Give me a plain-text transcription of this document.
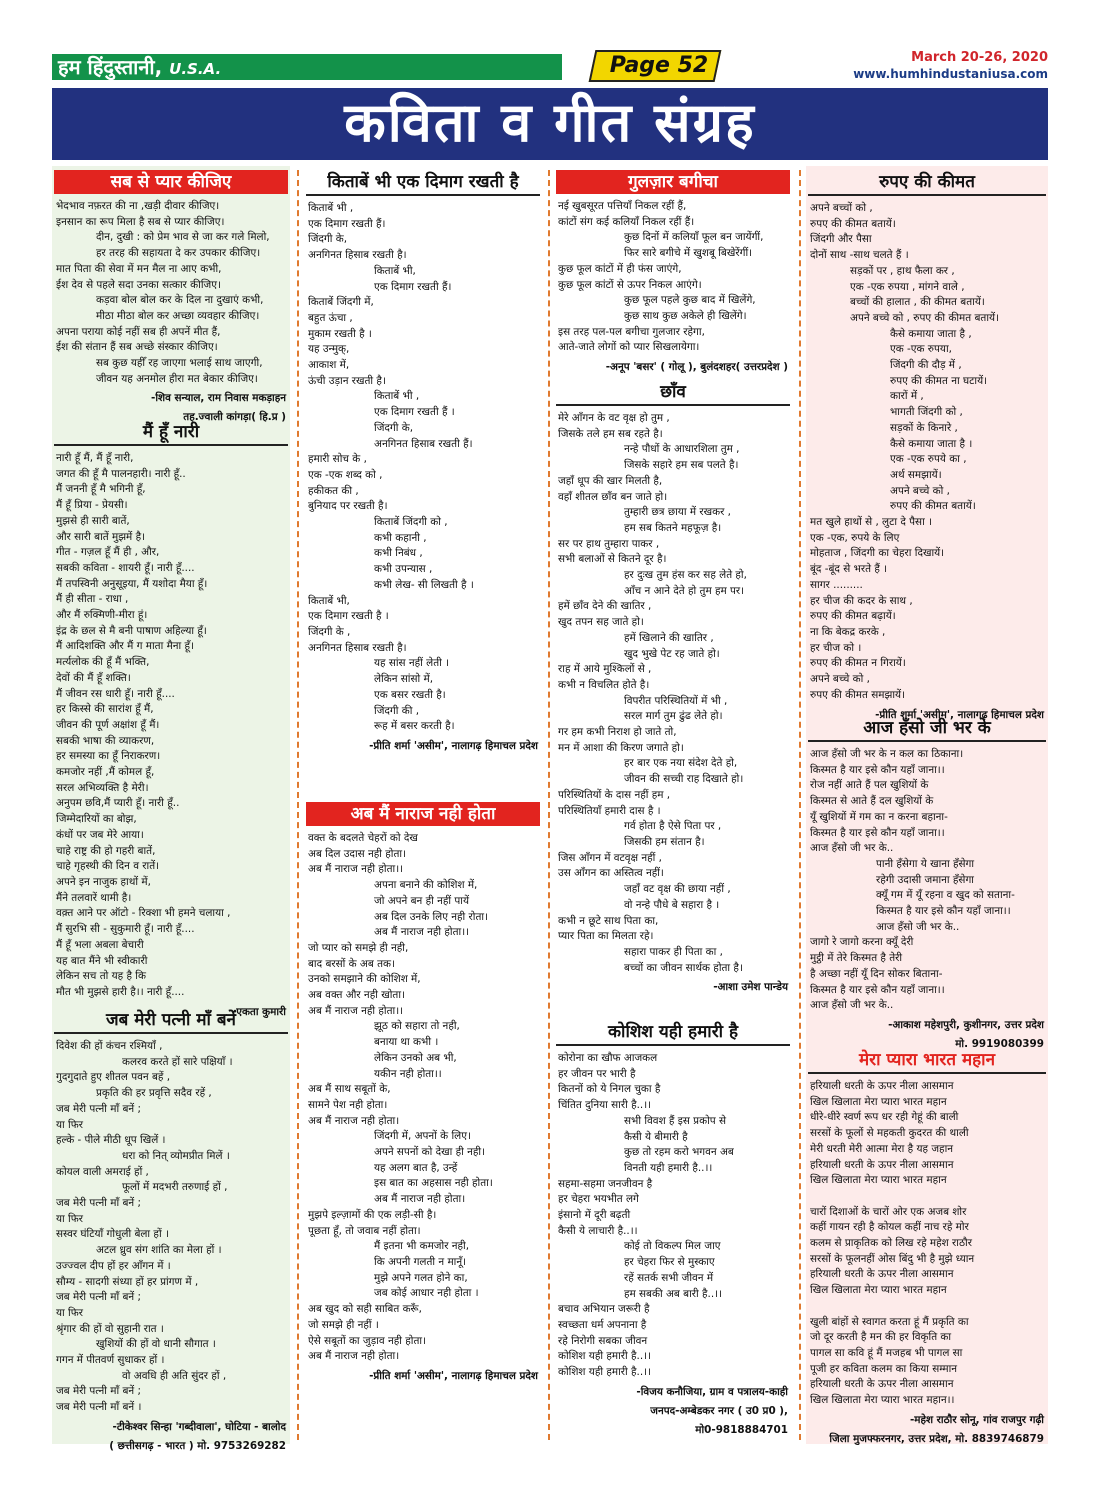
हम हिंदुस्तानी, U.S.A.	Page 52	March 20-26, 2020
www.humhindustaniusa.com
कविता व गीत संग्रह
सब से प्यार कीजिए
भेदभाव नफ़रत की ना ,खड़ी दीवार कीजिए।
इनसान का रूप मिला है सब से प्यार कीजिए।
दीन, दुखी : को प्रेम भाव से जा कर गले मिलो,
हर तरह की सहायता दे कर उपकार कीजिए।
मात पिता की सेवा में मन मैल ना आए कभी,
ईश देव से पहले सदा उनका सत्कार कीजिए।
कड़वा बोल बोल कर के दिल ना दुखाएं कभी,
मीठा मीठा बोल कर अच्छा व्यवहार कीजिए।
अपना पराया कोई नहीं सब ही अपनें मीत हैं,
ईश की संतान हैं सब अच्छे संस्कार कीजिए।
सब कुछ यहीँ रह जाएगा भलाई साथ जाएगी,
जीवन यह अनमोल हीरा मत बेकार कीजिए।
-शिव सन्याल, राम निवास मकड़ाहन
तह.ज्वाली कांगड़ा( हि.प्र )
मैं हूँ नारी
नारी हूँ मैं, मैं हूँ नारी,
जगत की हूँ मै पालनहारी। नारी हूँ..
मैं जननी हूँ मै भगिनी हूँ,
मैं हूँ प्रिया - प्रेयसी।
मुझसे ही सारी बातें,
और सारी बातें मुझमें है।
गीत - गज़ल हूँ मैं ही , और,
सबकी कविता - शायरी हूँ। नारी हूँ....
मैं तपस्विनी अनुसूइया, मैं यशोदा मैया हूँ।
मैं ही सीता - राधा ,
और मैं रुक्मिणी-मीरा हूं।
इंद्र के छल से मै बनी पाषाण अहिल्या हूँ।
मैं आदिशक्ति और मैं ग माता मैना हूँ।
मर्त्यलोक की हूँ मैं भक्ति,
देवों की मैं हूँ शक्ति।
मैं जीवन रस धारी हूँ। नारी हूँ....
हर किस्से की सारांश हूँ मैं,
जीवन की पूर्ण अक्षांश हूँ मैं।
सबकी भाषा की व्याकरण,
हर समस्या का हूँ निराकरण।
कमजोर नहीं ,मैं कोमल हूँ,
सरल अभिव्यक्ति है मेरी।
अनुपम छवि,मैं प्यारी हूँ। नारी हूँ..
जिम्मेदारियों का बोझ,
कंधों पर जब मेरे आया।
चाहे राष्ट्र की हो गहरी बातें,
चाहे गृहस्थी की दिन व रातें।
अपने इन नाजुक हाथों में,
मैंने तलवारें थामी है।
वक़्त आने पर ऑटो - रिक्शा भी हमने चलाया ,
मैं सुरभि सी - सुकुमारी हूँ। नारी हूँ....
मैं हूँ भला अबला बेचारी
यह बात मैंने भी स्वीकारी
लेकिन सच तो यह है कि
मौत भी मुझसे हारी है।। नारी हूँ....
-एकता कुमारी
जब मेरी पत्नी माँ बनें
दिवेश की हों कंचन रश्मियाँ ,
कलरव करते हों सारे पक्षियाँ ।
गुदगुदाते हुए शीतल पवन बहें ,
प्रकृति की हर प्रवृत्ति सदैव रहें ,
जब मेरी पत्नी माँ बनें ;
या फिर
हल्के - पीले मीठी धूप खिलें ।
धरा को नित् व्योमप्रीत मिलें ।
कोयल वाली अमराई हों ,
फूलों में मदभरी तरुणाई हों ,
जब मेरी पत्नी माँ बनें ;
या फिर
सस्वर घंटियाँ गोधुली बेला हों ।
अटल ध्रुव संग शांति का मेला हों ।
उज्ज्वल दीप हों हर आँगन में ।
सौम्य - सादगी संध्या हों हर प्रांगण में ,
जब मेरी पत्नी माँ बनें ;
या फिर
श्रृंगार की हों वो सुहानी रात ।
खुशियों की हों वो धानी सौगात ।
गगन में पीतवर्ण सुधाकर हों ।
वो अवधि ही अति सुंदर हों ,
जब मेरी पत्नी माँ बनें ;
जब मेरी पत्नी माँ बनें ।
-टीकेश्वर सिन्हा 'गब्दीवाला', घोटिया - बालोद
( छत्तीसगढ़ - भारत ) मो. 9753269282
किताबें भी एक दिमाग रखती है
किताबें भी ,
एक दिमाग रखती हैं।
जिंदगी के,
अनगिनत हिसाब रखती है।
किताबें भी,
एक दिमाग रखती हैं।
किताबें जिंदगी में,
बहुत ऊंचा ,
मुकाम रखती है ।
यह उन्मुक्,
आकाश में,
ऊंची उड़ान रखती है।
किताबें भी ,
एक दिमाग रखती हैं ।
जिंदगी के,
अनगिनत हिसाब रखती हैं।
हमारी सोच के ,
एक -एक शब्द को ,
हकीकत की ,
बुनियाद पर रखती है।
किताबें जिंदगी को ,
कभी कहानी ,
कभी निबंध ,
कभी उपन्यास ,
कभी लेख- सी लिखती है ।
किताबें भी,
एक दिमाग रखती है ।
जिंदगी के ,
अनगिनत हिसाब रखती है।
यह सांस नहीं लेती ।
लेकिन सांसो में,
एक बसर रखती है।
जिंदगी की ,
रूह में बसर करती है।
-प्रीति शर्मा 'असीम', नालागढ़ हिमाचल प्रदेश
अब मैं नाराज नही होता
वक्त के बदलते चेहरों को देख
अब दिल उदास नही होता।
अब मैं नाराज नही होता।।
अपना बनाने की कोशिश में,
जो अपने बन ही नहीं पायें
अब दिल उनके लिए नही रोता।
अब मैं नाराज नही होता।।
जो प्यार को समझे ही नही,
बाद बरसों के अब तक।
उनको समझाने की कोशिश में,
अब वक्त और नही खोता।
अब मैं नाराज नही होता।।
झूठ को सहारा तो नही,
बनाया था कभी ।
लेकिन उनको अब भी,
यकीन नही होता।।
अब मैं साथ सबूतों के,
सामने पेश नही होता।
अब मैं नाराज नही होता।
जिंदगी में, अपनों के लिए।
अपने सपनों को देखा ही नही।
यह अलग बात है, उन्हें
इस बात का अहसास नही होता।
अब मैं नाराज नही होता।
मुझपे इल्ज़ामों की एक लड़ी-सी है।
पूछता हूँ, तो जवाब नहीं होता।
मैं इतना भी कमजोर नही,
कि अपनी गलती न मानूँ।
मुझे अपने गलत होने का,
जब कोई आधार नही होता ।
अब खुद को सही साबित करूँ,
जो समझे ही नहीं ।
ऐसे सबूतों का जुड़ाव नही होता।
अब मैं नाराज नही होता।
-प्रीति शर्मा 'असीम', नालागढ़ हिमाचल प्रदेश
गुलज़ार बगीचा
नई खुबसूरत पत्तियाँ निकल रहीं हैं,
कांटों संग कई कलियाँ निकल रहीं हैं।
कुछ दिनों में कलियाँ फूल बन जायेंगीं,
फिर सारे बगीचे में खुशबू बिखेरेंगीं।
कुछ फूल कांटों में ही फंस जाएंगे,
कुछ फूल कांटों से ऊपर निकल आएंगे।
कुछ फूल पहले कुछ बाद में खिलेंगे,
कुछ साथ कुछ अकेले ही खिलेंगे।
इस तरह पल-पल बगीचा गुलजार रहेगा,
आते-जाते लोगों को प्यार सिखलायेगा।
-अनूप 'बसर' ( गोलू ), बुलंदशहर( उत्तरप्रदेश )
छाँव
मेरे आँगन के वट वृक्ष हो तुम ,
जिसके तले हम सब रहते है।
नन्हे पौधों के आधारशिला तुम ,
जिसके सहारे हम सब पलते है।
जहाँ धूप की खार मिलती है,
वहाँ शीतल छाँव बन जाते हो।
तुम्हारी छत्र छाया में रखकर ,
हम सब कितने महफूज़ है।
सर पर हाथ तुम्हारा पाकर ,
सभी बलाओं से कितने दूर है।
हर दुःख तुम हंस कर सह लेते हो,
आँच न आने देते हो तुम हम पर।
हमें छाँव देने की खातिर ,
खुद तपन सह जाते हो।
हमें खिलाने की खातिर ,
खुद भुखे पेट रह जाते हो।
राह में आये मुश्किलों से ,
कभी न विचलित होते है।
विपरीत परिस्थितियों में भी ,
सरल मार्ग तुम ढुंढ लेते हो।
गर हम कभी निराश हो जाते तो,
मन में आशा की किरण जगाते हो।
हर बार एक नया संदेश देते हो,
जीवन की सच्ची राह दिखाते हो।
परिस्थितियों के दास नहीं हम ,
परिस्थितियाँ हमारी दास है ।
गर्व होता है ऐसे पिता पर ,
जिसकी हम संतान है।
जिस आँगन में वटवृक्ष नहीं ,
उस आँगन का अस्तित्व नहीं।
जहाँ वट वृक्ष की छाया नहीं ,
वो नन्हे पौधे बे सहारा है ।
कभी न छूटे साथ पिता का,
प्यार पिता का मिलता रहे।
सहारा पाकर ही पिता का ,
बच्चों का जीवन सार्थक होता है।
-आशा उमेश पान्डेय
कोशिश यही हमारी है
कोरोना का खौफ आजकल
हर जीवन पर भारी है
कितनों को ये निगल चुका है
चिंतित दुनिया सारी है..।।
सभी विवश हैं इस प्रकोप से
कैसी ये बीमारी है
कुछ तो रहम करो भगवन अब
विनती यही हमारी है..।।
सहमा-सहमा जनजीवन है
हर चेहरा भयभीत लगे
इंसानो में दूरी बढ़ती
कैसी ये लाचारी है..।।
कोई तो विकल्प मिल जाए
हर चेहरा फिर से मुस्काए
रहें सतर्क सभी जीवन में
हम सबकी अब बारी है..।।
बचाव अभियान जरूरी है
स्वच्छता धर्म अपनाना है
रहे निरोगी सबका जीवन
कोशिश यही हमारी है..।।
कोशिश यही हमारी है..।।
-विजय कनौजिया, ग्राम व पत्रालय-काही
जनपद-अम्बेडकर नगर ( उ0 प्र0 ),
मो0-9818884701
रुपए की कीमत
अपने बच्चों को ,
रुपए की कीमत बतायें।
जिंदगी और पैसा
दोनों साथ -साथ चलते हैं ।
सड़कों पर , हाथ फैला कर ,
एक -एक रुपया , मांगने वाले ,
बच्चों की हालात , की कीमत बतायें।
अपने बच्चे को , रुपए की कीमत बतायें।
कैसे कमाया जाता है ,
एक -एक रुपया,
जिंदगी की दौड़ में ,
रुपए की कीमत ना घटायें।
कारों में ,
भागती जिंदगी को ,
सड़कों के किनारे ,
कैसे कमाया जाता है ।
एक -एक रुपये का ,
अर्थ समझायें।
अपने बच्चे को ,
रुपए की कीमत बतायें।
मत खुले हाथों से , लुटा दे पैसा ।
एक -एक, रुपये के लिए
मोहताज , जिंदगी का चेहरा दिखायें।
बूंद -बूंद से भरते हैं ।
सागर .........
हर चीज की कदर के साथ ,
रुपए की कीमत बढ़ायें।
ना कि बेकद्र करके ,
हर चीज को ।
रुपए की कीमत न गिरायें।
अपने बच्चे को ,
रुपए की कीमत समझायें।
-प्रीति शर्मा 'असीम', नालागढ़ हिमाचल प्रदेश
आज हँसो जी भर के
आज हँसो जी भर के न कल का ठिकाना।
किस्मत है यार इसे कौन यहाँ जाना।।
रोज नहीं आते हैं पल खुशियों के
किस्मत से आते हैं दल खुशियों के
यूँ खुशियों में गम का न करना बहाना-
किस्मत है यार इसे कौन यहाँ जाना।।
आज हँसो जी भर के..
पानी हँसेगा ये खाना हँसेगा
रहेगी उदासी जमाना हँसेगा
क्यूँ गम में यूँ रहना व खुद को सताना-
किस्मत है यार इसे कौन यहाँ जाना।।
आज हँसो जी भर के..
जागो रे जागो करना क्यूँ देरी
मुट्ठी में तेरे किस्मत है तेरी
है अच्छा नहीं यूँ दिन सोकर बिताना-
किस्मत है यार इसे कौन यहाँ जाना।।
आज हँसो जी भर के..
-आकाश महेशपुरी, कुशीनगर, उत्तर प्रदेश
मो. 9919080399
मेरा प्यारा भारत महान
हरियाली धरती के ऊपर नीला आसमान
खिल खिलाता मेरा प्यारा भारत महान
धीरे-धीरे स्वर्ण रूप धर रही गेहूं की बाली
सरसों के फूलों से महकती कुदरत की थाली
मेरी धरती मेरी आत्मा मेरा है यह जहान
हरियाली धरती के ऊपर नीला आसमान
खिल खिलाता मेरा प्यारा भारत महान

चारों दिशाओं के चारों ओर एक अजब शोर
कहीं गायन रही है कोयल कहीं नाच रहे मोर
कलम से प्राकृतिक को लिख रहे महेश राठौर
सरसों के फूलनहीं ओस बिंदु भी है मुझे ध्यान
हरियाली धरती के ऊपर नीला आसमान
खिल खिलाता मेरा प्यारा भारत महान

खुली बांहों से स्वागत करता हूं मैं प्रकृति का
जो दूर करती है मन की हर विकृति का
पागल सा कवि हूं मैं मजहब भी पागल सा
पूजी हर कविता कलम का किया सम्मान
हरियाली धरती के ऊपर नीला आसमान
खिल खिलाता मेरा प्यारा भारत महान।।
-महेश राठौर सोनू, गांव राजपुर गढ़ी
जिला मुजफ्फरनगर, उत्तर प्रदेश, मो. 8839746879
